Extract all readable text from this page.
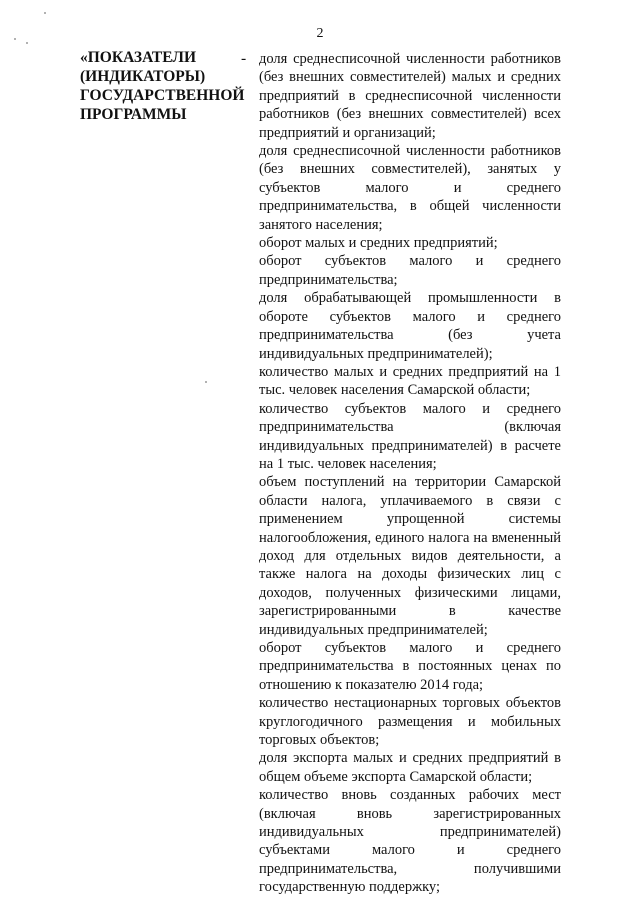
2
«ПОКАЗАТЕЛИ
(ИНДИКАТОРЫ)
ГОСУДАРСТВЕННОЙ
ПРОГРАММЫ
- доля среднесписочной численности работников (без внешних совместителей) малых и средних предприятий в среднесписочной численности работников (без внешних совместителей) всех предприятий и организаций;
доля среднесписочной численности работников (без внешних совместителей), занятых у субъектов малого и среднего предпринимательства, в общей численности занятого населения;
оборот малых и средних предприятий;
оборот субъектов малого и среднего предпринимательства;
доля обрабатывающей промышленности в обороте субъектов малого и среднего предпринимательства (без учета индивидуальных предпринимателей);
количество малых и средних предприятий на 1 тыс. человек населения Самарской области;
количество субъектов малого и среднего предпринимательства (включая индивидуальных предпринимателей) в расчете на 1 тыс. человек населения;
объем поступлений на территории Самарской области налога, уплачиваемого в связи с применением упрощенной системы налогообложения, единого налога на вмененный доход для отдельных видов деятельности, а также налога на доходы физических лиц с доходов, полученных физическими лицами, зарегистрированными в качестве индивидуальных предпринимателей;
оборот субъектов малого и среднего предпринимательства в постоянных ценах по отношению к показателю 2014 года;
количество нестационарных торговых объектов круглогодичного размещения и мобильных торговых объектов;
доля экспорта малых и средних предприятий в общем объеме экспорта Самарской области;
количество вновь созданных рабочих мест (включая вновь зарегистрированных индивидуальных предпринимателей) субъектами малого и среднего предпринимательства, получившими государственную поддержку;
